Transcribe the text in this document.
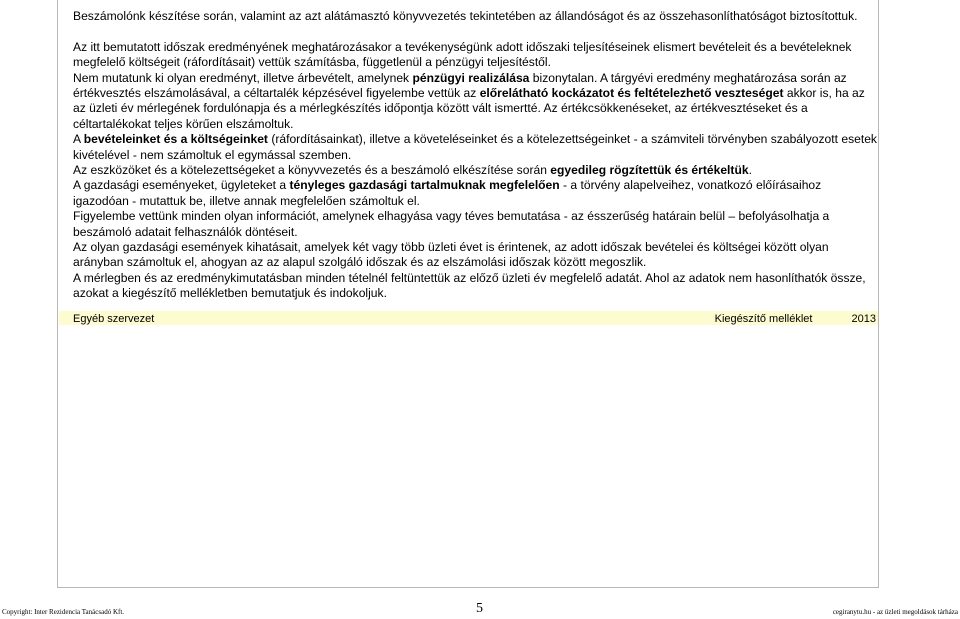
Beszámolónk készítése során, valamint az azt alátámasztó könyvvezetés tekintetében az állandóságot és az összehasonlíthatóságot biztosítottuk.

Az itt bemutatott időszak eredményének meghatározásakor a tevékenységünk adott időszaki teljesítéseinek elismert bevételeit és a bevételeknek megfelelő költségeit (ráfordításait) vettük számításba, függetlenül a pénzügyi teljesítéstől.

Nem mutatunk ki olyan eredményt, illetve árbevételt, amelynek pénzügyi realizálása bizonytalan. A tárgyévi eredmény meghatározása során az értékvesztés elszámolásával, a céltartalék képzésével figyelembe vettük az előrelátható kockázatot és feltételezhető veszteséget akkor is, ha az az üzleti év mérlegének fordulónapja és a mérlegkészítés időpontja között vált ismertté. Az értékcsökkenéseket, az értékvesztéseket és a céltartalékokat teljes körűen elszámoltuk.

A bevételeinket és a költségeinket (ráfordításainkat), illetve a követeléseinket és a kötelezettségeinket - a számviteli törvényben szabályozott esetek kivételével - nem számoltuk el egymással szemben.

Az eszközöket és a kötelezettségeket a könyvvezetés és a beszámoló elkészítése során egyedileg rögzítettük és értékeltük.

A gazdasági eseményeket, ügyleteket a tényleges gazdasági tartalmuknak megfelelően - a törvény alapelveihez, vonatkozó előírásaihoz igazodóan - mutattuk be, illetve annak megfelelően számoltuk el.

Figyelembe vettünk minden olyan információt, amelynek elhagyása vagy téves bemutatása - az ésszerűség határain belül – befolyásolhatja a beszámoló adatait felhasználók döntéseit.

Az olyan gazdasági események kihatásait, amelyek két vagy több üzleti évet is érintenek, az adott időszak bevételei és költségei között olyan arányban számoltuk el, ahogyan az az alapul szolgáló időszak és az elszámolási időszak között megoszlik.

A mérlegben és az eredménykimutatásban minden tételnél feltüntettük az előző üzleti év megfelelő adatát. Ahol az adatok nem hasonlíthatók össze, azokat a kiegészítő mellékletben bemutatjuk és indokoljuk.

Egyéb szervezet	Kiegészítő melléklet	2013
Copyright: Inter Rezidencia Tanácsadó Kft.	5	cegiranytu.hu - az üzleti megoldások tárháza
